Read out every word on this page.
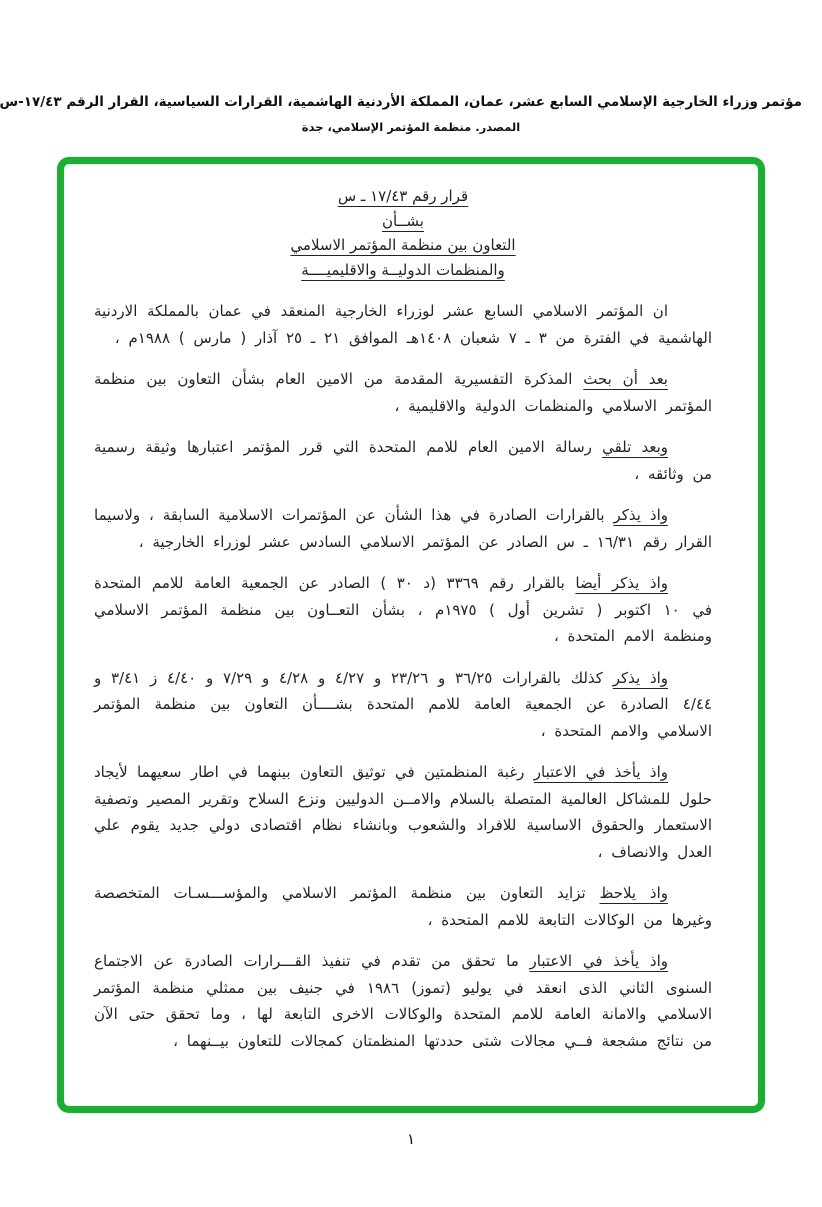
مؤتمر وزراء الخارجية الإسلامي السابع عشر، عمان، المملكة الأردنية الهاشمية، القرارات السياسية، القرار الرقم ١٧/٤٣-س
المصدر. منظمة المؤتمر الإسلامي، جدة
قرار رقم ١٧/٤٣ ـ س
بشــأن
التعاون بين منظمة المؤتمر الاسلامي
والمنظمات الدوليــة والاقليميــــة

ان المؤتمر الاسلامي السابع عشر لوزراء الخارجية المنعقد في عمان بالمملكة الاردنية الهاشمية في الفترة من ٣ ـ ٧ شعبان ١٤٠٨هـ الموافق ٢١ ـ ٢٥ آذار ( مارس ) ١٩٨٨م ،

بعد أن بحث المذكرة التفسيرية المقدمة من الامين العام بشأن التعاون بين منظمة المؤتمر الاسلامي والمنظمات الدولية والاقليمية ،

وبعد تلقي رسالة الامين العام للامم المتحدة التي قرر المؤتمر اعتبارها وثيقة رسمية من وثائقه ،

واذ يذكر بالقرارات الصادرة في هذا الشأن عن المؤتمرات الاسلامية السابقة ، ولاسيما القرار رقم ١٦/٣١ ـ س الصادر عن المؤتمر الاسلامي السادس عشر لوزراء الخارجية ،

واذ يذكر أيضا بالقرار رقم ٣٣٦٩ (د ٣٠ ) الصادر عن الجمعية العامة للامم المتحدة في ١٠ اكتوبر ( تشرين أول ) ١٩٧٥م ، بشأن التعــاون بين منظمة المؤتمر الاسلامي ومنظمة الامم المتحدة ،

واذ يذكر كذلك بالقرارات ٣٦/٢٥ و ٢٣/٢٦ و ٤/٢٧ و ٤/٢٨ و ٧/٢٩ و ٤/٤٠ ز ٣/٤١ و ٤/٤٤ الصادرة عن الجمعية العامة للامم المتحدة بشــــأن التعاون بين منظمة المؤتمر الاسلامي والامم المتحدة ،

واذ يأخذ في الاعتبار رغبة المنظمتين في توثيق التعاون بينهما في اطار سعيهما لأيجاد حلول للمشاكل العالمية المتصلة بالسلام والامــن الدوليين ونزع السلاح وتقرير المصير وتصفية الاستعمار والحقوق الاساسية للافراد والشعوب وبانشاء نظام اقتصادى دولي جديد يقوم علي العدل والانصاف ،

واذ يلاحظ تزايد التعاون بين منظمة المؤتمر الاسلامي والمؤســـسـات المتخصصة وغيرها من الوكالات التابعة للامم المتحدة ،

واذ يأخذ في الاعتبار ما تحقق من تقدم في تنفيذ القـــرارات الصادرة عن الاجتماع السنوى الثاني الذى انعقد في يوليو (تموز) ١٩٨٦ في جنيف بين ممثلي منظمة المؤتمر الاسلامي والامانة العامة للامم المتحدة والوكالات الاخرى التابعة لها ، وما تحقق حتى الآن من نتائج مشجعة فــي مجالات شتى حددتها المنظمتان كمجالات للتعاون بيــنهما ،

١
